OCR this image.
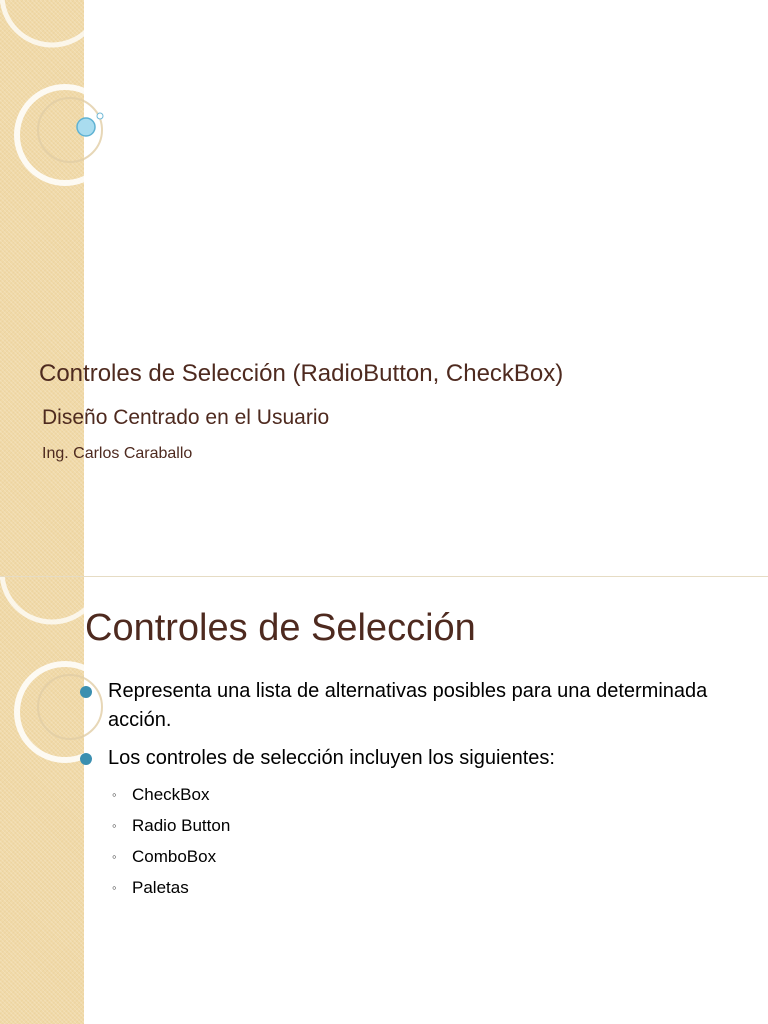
Controles de Selección (RadioButton, CheckBox)
Diseño Centrado en el Usuario

Ing. Carlos Caraballo

Controles de Selección
Representa una lista de alternativas posibles para una determinada acción.
Los controles de selección incluyen los siguientes:
◦ CheckBox
◦ Radio Button
◦ ComboBox
◦ Paletas
